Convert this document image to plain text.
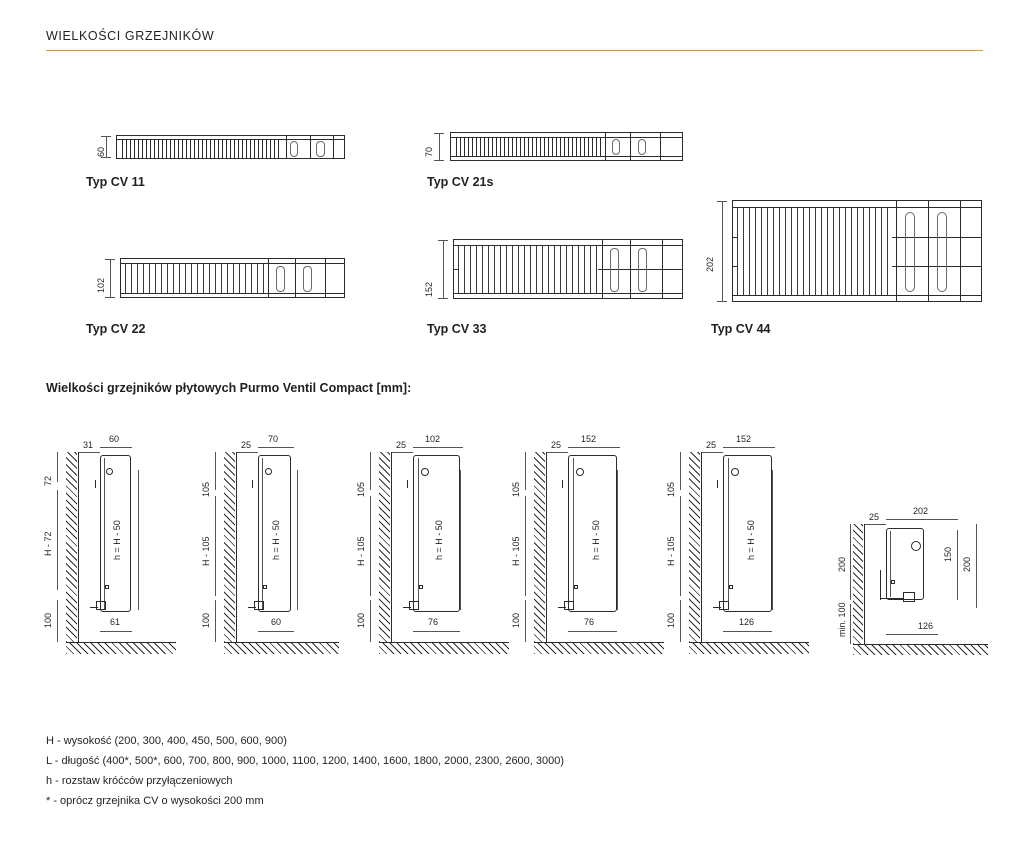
WIELKOŚCI GRZEJNIKÓW
60
Typ CV 11
70
Typ CV 21s
102
Typ CV 22
152
Typ CV 33
202
Typ CV 44
Wielkości grzejników płytowych Purmo Ventil Compact [mm]:
31
60
72
H - 72
100
h = H - 50
61
25
70
105
H - 105
100
h = H - 50
60
25
102
105
H - 105
100
h = H - 50
76
25
152
105
H - 105
100
h = H - 50
76
25
152
105
H - 105
100
h = H - 50
126
25
202
200
min. 100
150
200
126
H - wysokość (200, 300, 400, 450, 500, 600, 900)
L - długość (400*, 500*, 600, 700, 800, 900, 1000, 1100, 1200, 1400, 1600, 1800, 2000, 2300, 2600, 3000)
h - rozstaw króćców przyłączeniowych
* - oprócz grzejnika CV o wysokości 200 mm
